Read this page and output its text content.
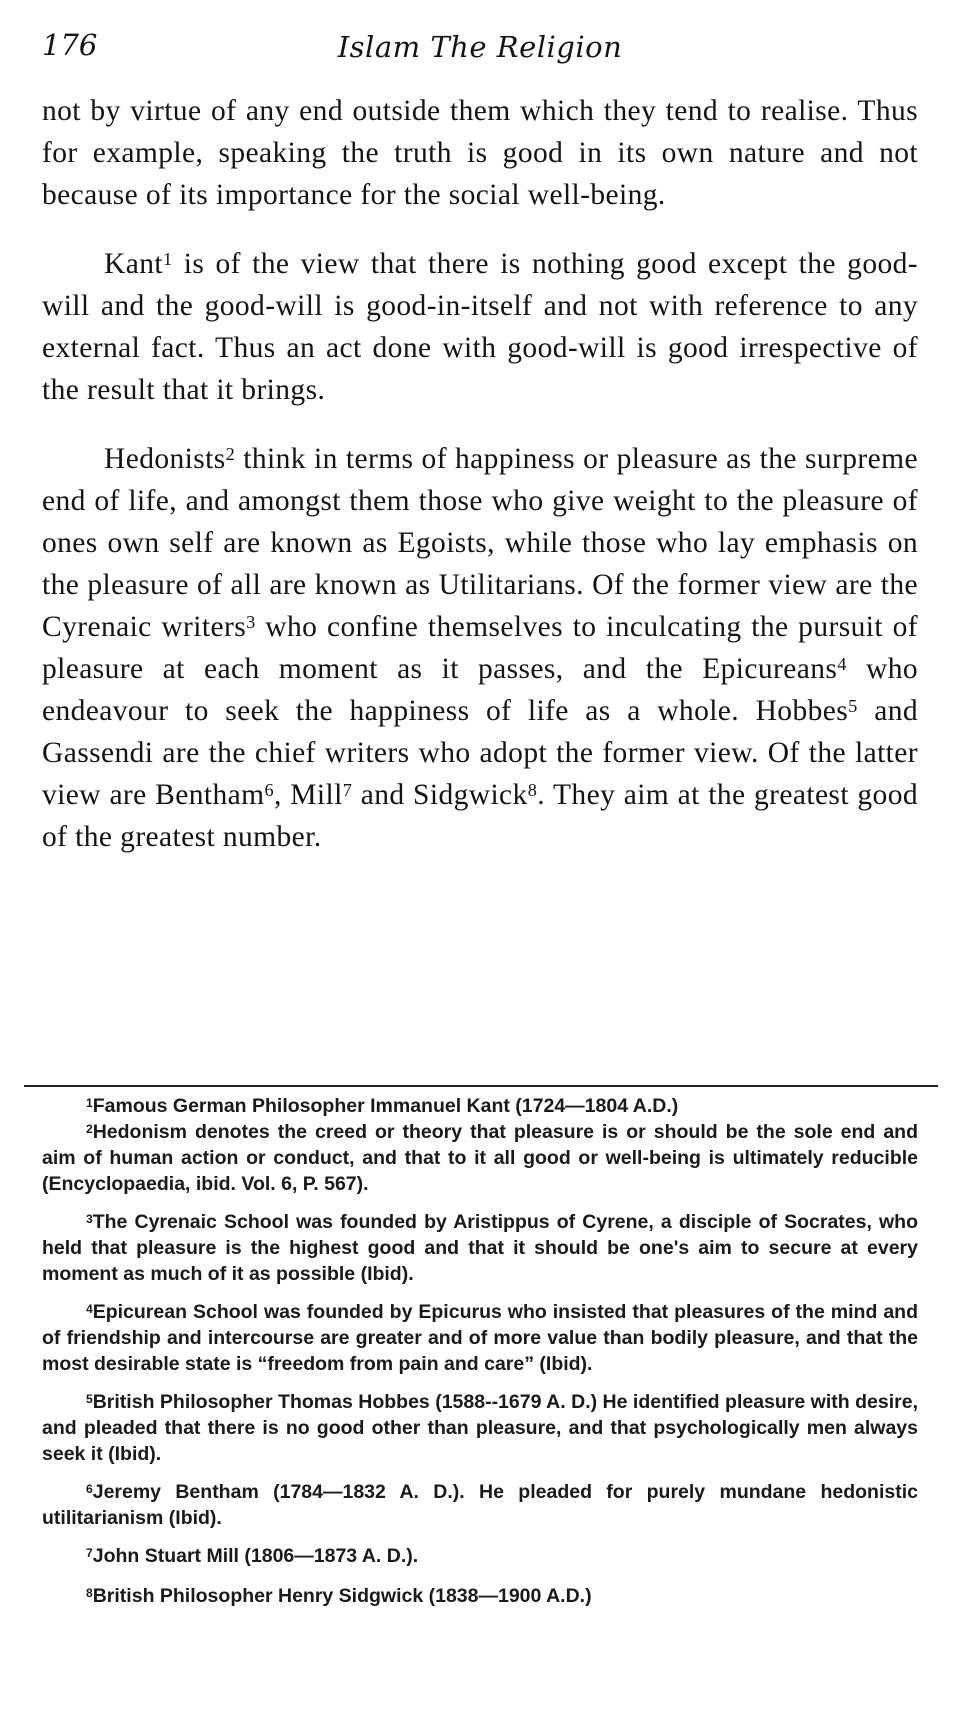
176	Islam The Religion

not by virtue of any end outside them which they tend to realise. Thus for example, speaking the truth is good in its own nature and not because of its importance for the social well-being.

Kant$^1$ is of the view that there is nothing good except the good-will and the good-will is good-in-itself and not with reference to any external fact. Thus an act done with good-will is good irrespective of the result that it brings.

Hedonists$^2$ think in terms of happiness or pleasure as the surpreme end of life, and amongst them those who give weight to the pleasure of ones own self are known as Egoists, while those who lay emphasis on the pleasure of all are known as Utilitarians. Of the former view are the Cyrenaic writers$^3$ who confine themselves to inculcating the pursuit of pleasure at each moment as it passes, and the Epicureans$^4$ who endeavour to seek the happiness of life as a whole. Hobbes$^5$ and Gassendi are the chief writers who adopt the former view. Of the latter view are Bentham$^6$, Mill$^7$ and Sidgwick$^8$. They aim at the greatest good of the greatest number.

$^1$Famous German Philosopher Immanuel Kant (1724—1804 A.D.)

$^2$Hedonism denotes the creed or theory that pleasure is or should be the sole end and aim of human action or conduct, and that to it all good or well-being is ultimately reducible (Encyclopaedia, ibid. Vol. 6, P. 567).

$^3$The Cyrenaic School was founded by Aristippus of Cyrene, a disciple of Socrates, who held that pleasure is the highest good and that it should be one's aim to secure at every moment as much of it as possible (Ibid).

$^4$Epicurean School was founded by Epicurus who insisted that pleasures of the mind and of friendship and intercourse are greater and of more value than bodily pleasure, and that the most desirable state is “freedom from pain and care” (Ibid).

$^5$British Philosopher Thomas Hobbes (1588--1679 A. D.) He identified pleasure with desire, and pleaded that there is no good other than pleasure, and that psychologically men always seek it (Ibid).

$^6$Jeremy Bentham (1784—1832 A. D.). He pleaded for purely mundane hedonistic utilitarianism (Ibid).

$^7$John Stuart Mill (1806—1873 A. D.).

$^8$British Philosopher Henry Sidgwick (1838—1900 A.D.)
